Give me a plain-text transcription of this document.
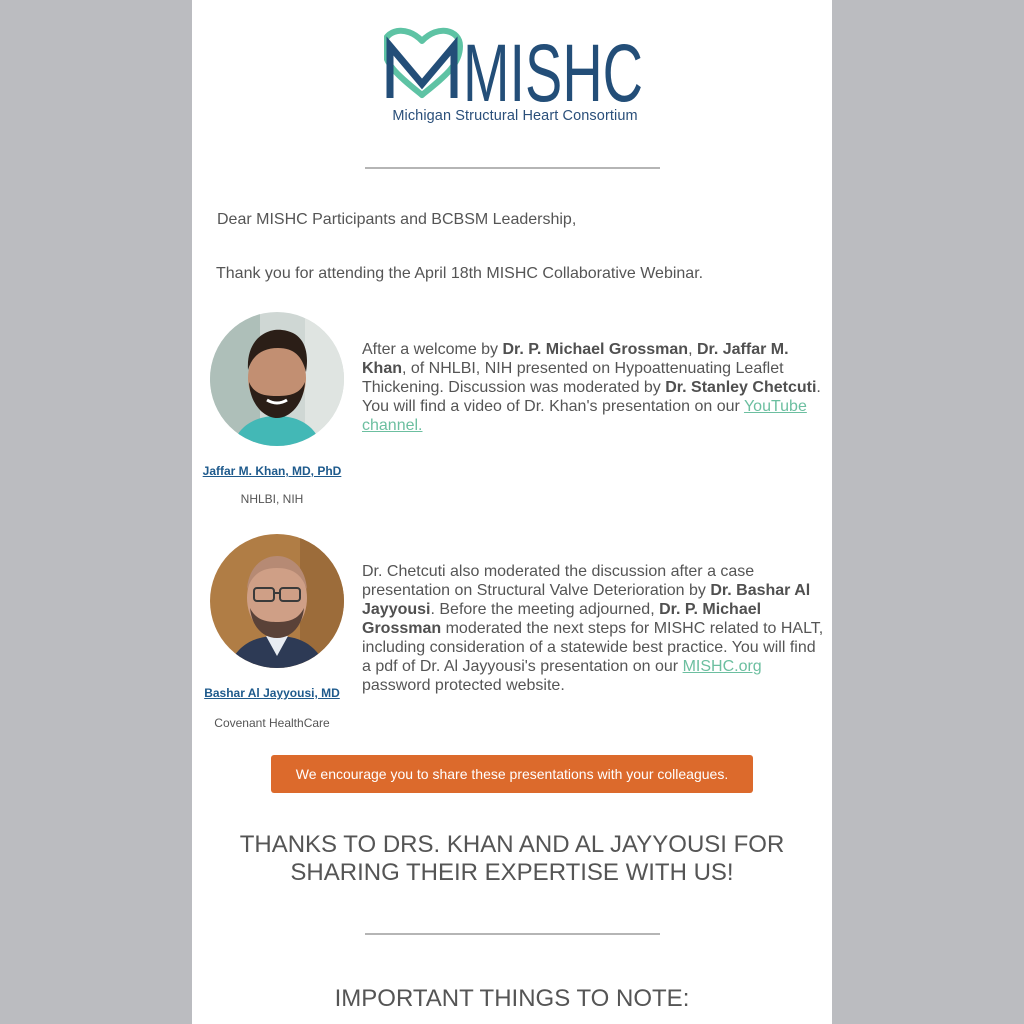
MISHC
Michigan Structural Heart Consortium
Dear MISHC Participants and BCBSM Leadership,
Thank you for attending the April 18th MISHC Collaborative Webinar.
Jaffar M. Khan, MD, PhD
NHLBI, NIH
After a welcome by Dr. P. Michael Grossman, Dr. Jaffar M. Khan, of NHLBI, NIH presented on Hypoattenuating Leaflet Thickening. Discussion was moderated by Dr. Stanley Chetcuti. You will find a video of Dr. Khan's presentation on our YouTube channel.
Bashar Al Jayyousi, MD
Covenant HealthCare
Dr. Chetcuti also moderated the discussion after a case presentation on Structural Valve Deterioration by Dr. Bashar Al Jayyousi. Before the meeting adjourned, Dr. P. Michael Grossman moderated the next steps for MISHC related to HALT, including consideration of a statewide best practice. You will find a pdf of Dr. Al Jayyousi's presentation on our MISHC.org password protected website.
We encourage you to share these presentations with your colleagues.
THANKS TO DRS. KHAN AND AL JAYYOUSI FOR SHARING THEIR EXPERTISE WITH US!
IMPORTANT THINGS TO NOTE:
